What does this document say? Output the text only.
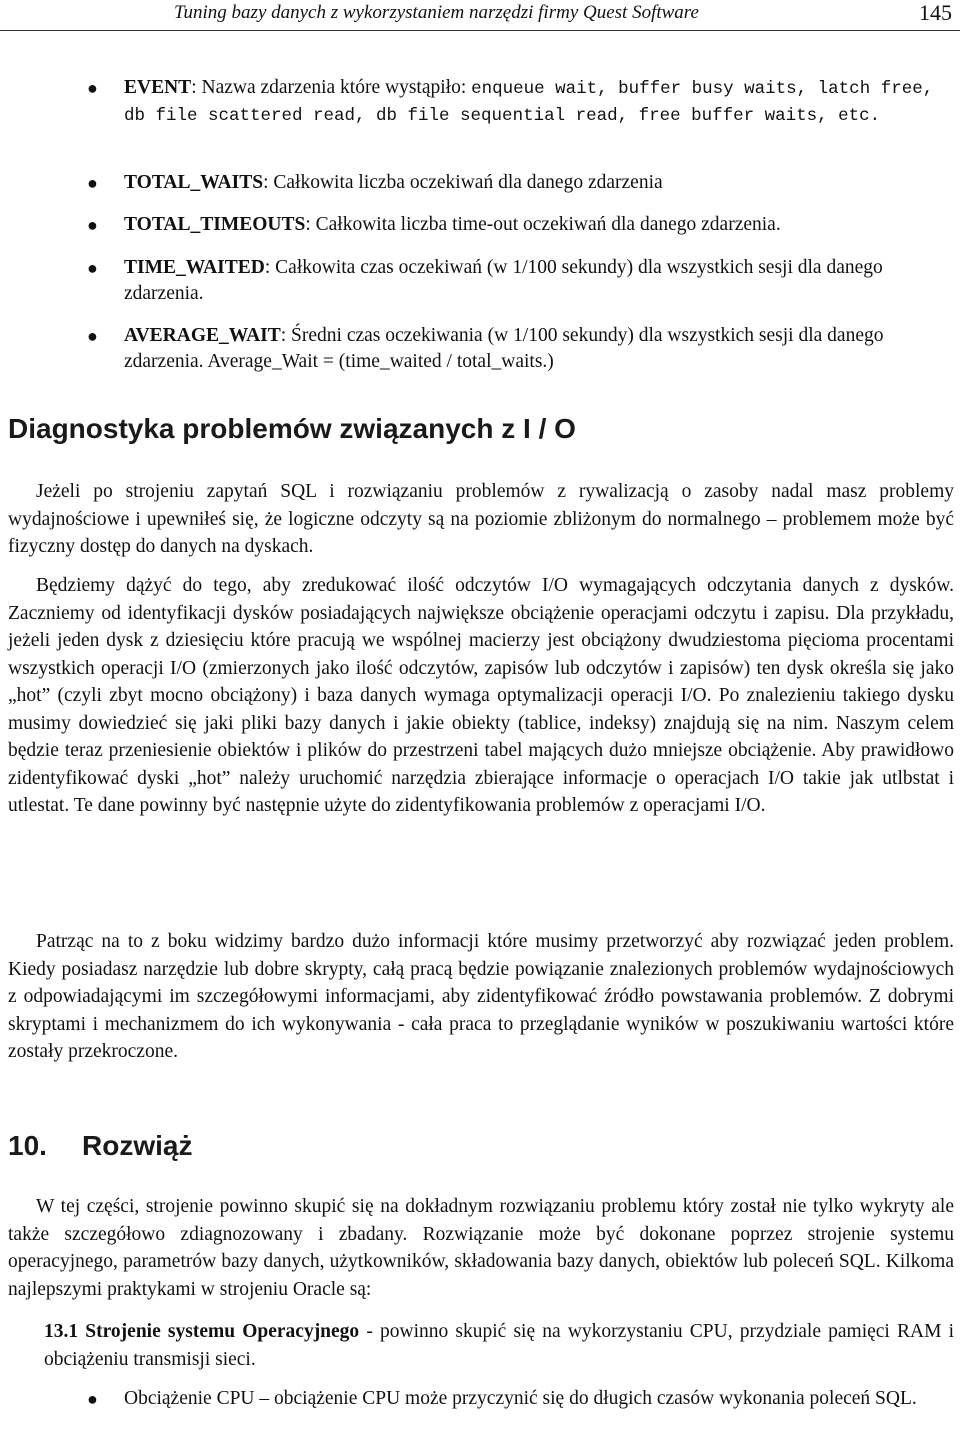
Tuning bazy danych z wykorzystaniem narzędzi firmy Quest Software	145
● EVENT: Nazwa zdarzenia które wystąpiło: enqueue wait, buffer busy waits, latch free, db file scattered read, db file sequential read, free buffer waits, etc.
● TOTAL_WAITS: Całkowita liczba oczekiwań dla danego zdarzenia
● TOTAL_TIMEOUTS: Całkowita liczba time-out oczekiwań dla danego zdarzenia.
● TIME_WAITED: Całkowita czas oczekiwań (w 1/100 sekundy) dla wszystkich sesji dla danego zdarzenia.
● AVERAGE_WAIT: Średni czas oczekiwania (w 1/100 sekundy) dla wszystkich sesji dla danego zdarzenia. Average_Wait = (time_waited / total_waits.)
Diagnostyka problemów związanych z I / O
Jeżeli po strojeniu zapytań SQL i rozwiązaniu problemów z rywalizacją o zasoby nadal masz problemy wydajnościowe i upewniłeś się, że logiczne odczyty są na poziomie zbliżonym do normalnego – problemem może być fizyczny dostęp do danych na dyskach.
Będziemy dążyć do tego, aby zredukować ilość odczytów I/O wymagających odczytania danych z dysków. Zaczniemy od identyfikacji dysków posiadających największe obciążenie operacjami odczytu i zapisu. Dla przykładu, jeżeli jeden dysk z dziesięciu które pracują we wspólnej macierzy jest obciążony dwudziestoma pięcioma procentami wszystkich operacji I/O (zmierzonych jako ilość odczytów, zapisów lub odczytów i zapisów) ten dysk określa się jako „hot” (czyli zbyt mocno obciążony) i baza danych wymaga optymalizacji operacji I/O. Po znalezieniu takiego dysku musimy dowiedzieć się jaki pliki bazy danych i jakie obiekty (tablice, indeksy) znajdują się na nim. Naszym celem będzie teraz przeniesienie obiektów i plików do przestrzeni tabel mających dużo mniejsze obciążenie. Aby prawidłowo zidentyfikować dyski „hot” należy uruchomić narzędzia zbierające informacje o operacjach I/O takie jak utlbstat i utlestat. Te dane powinny być następnie użyte do zidentyfikowania problemów z operacjami I/O.
Patrząc na to z boku widzimy bardzo dużo informacji które musimy przetworzyć aby rozwiązać jeden problem. Kiedy posiadasz narzędzie lub dobre skrypty, całą pracą będzie powiązanie znalezionych problemów wydajnościowych z odpowiadającymi im szczegółowymi informacjami, aby zidentyfikować źródło powstawania problemów. Z dobrymi skryptami i mechanizmem do ich wykonywania - cała praca to przeglądanie wyników w poszukiwaniu wartości które zostały przekroczone.
10. Rozwiąż
W tej części, strojenie powinno skupić się na dokładnym rozwiązaniu problemu który został nie tylko wykryty ale także szczegółowo zdiagnozowany i zbadany. Rozwiązanie może być dokonane poprzez strojenie systemu operacyjnego, parametrów bazy danych, użytkowników, składowania bazy danych, obiektów lub poleceń SQL. Kilkoma najlepszymi praktykami w strojeniu Oracle są:
13.1 Strojenie systemu Operacyjnego - powinno skupić się na wykorzystaniu CPU, przydziale pamięci RAM i obciążeniu transmisji sieci.
● Obciążenie CPU – obciążenie CPU może przyczynić się do długich czasów wykonania poleceń SQL.
